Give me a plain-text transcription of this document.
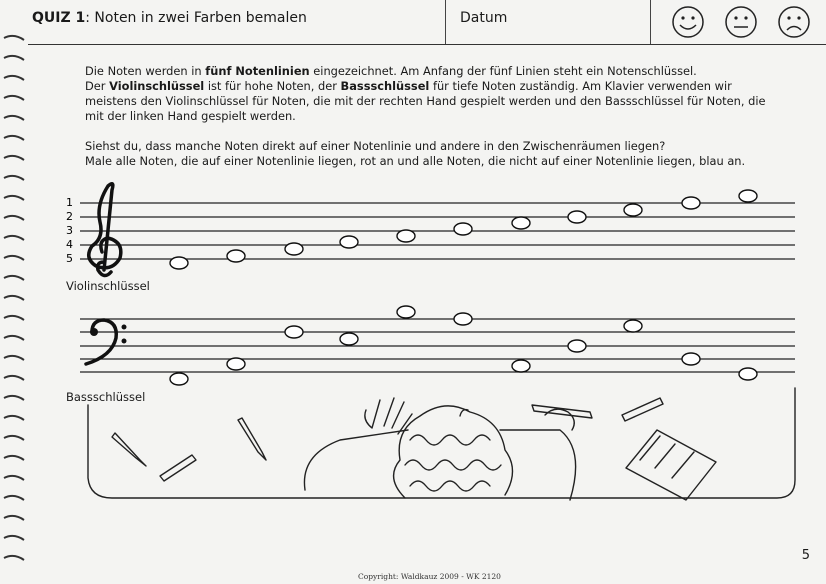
QUIZ 1: Noten in zwei Farben bemalen	Datum

Die Noten werden in fünf Notenlinien eingezeichnet. Am Anfang der fünf Linien steht ein Notenschlüssel.
Der Violinschlüssel ist für hohe Noten, der Bassschlüssel für tiefe Noten zuständig. Am Klavier verwenden wir meistens den Violinschlüssel für Noten, die mit der rechten Hand gespielt werden und den Bassschlüssel für Noten, die mit der linken Hand gespielt werden.

Siehst du, dass manche Noten direkt auf einer Notenlinie und andere in den Zwischenräumen liegen?
Male alle Noten, die auf einer Notenlinie liegen, rot an und alle Noten, die nicht auf einer Notenlinie liegen, blau an.

1
2
3
4
5
Violinschlüssel
Bassschlüssel
5
Copyright: Waldkauz 2009 - WK 2120
